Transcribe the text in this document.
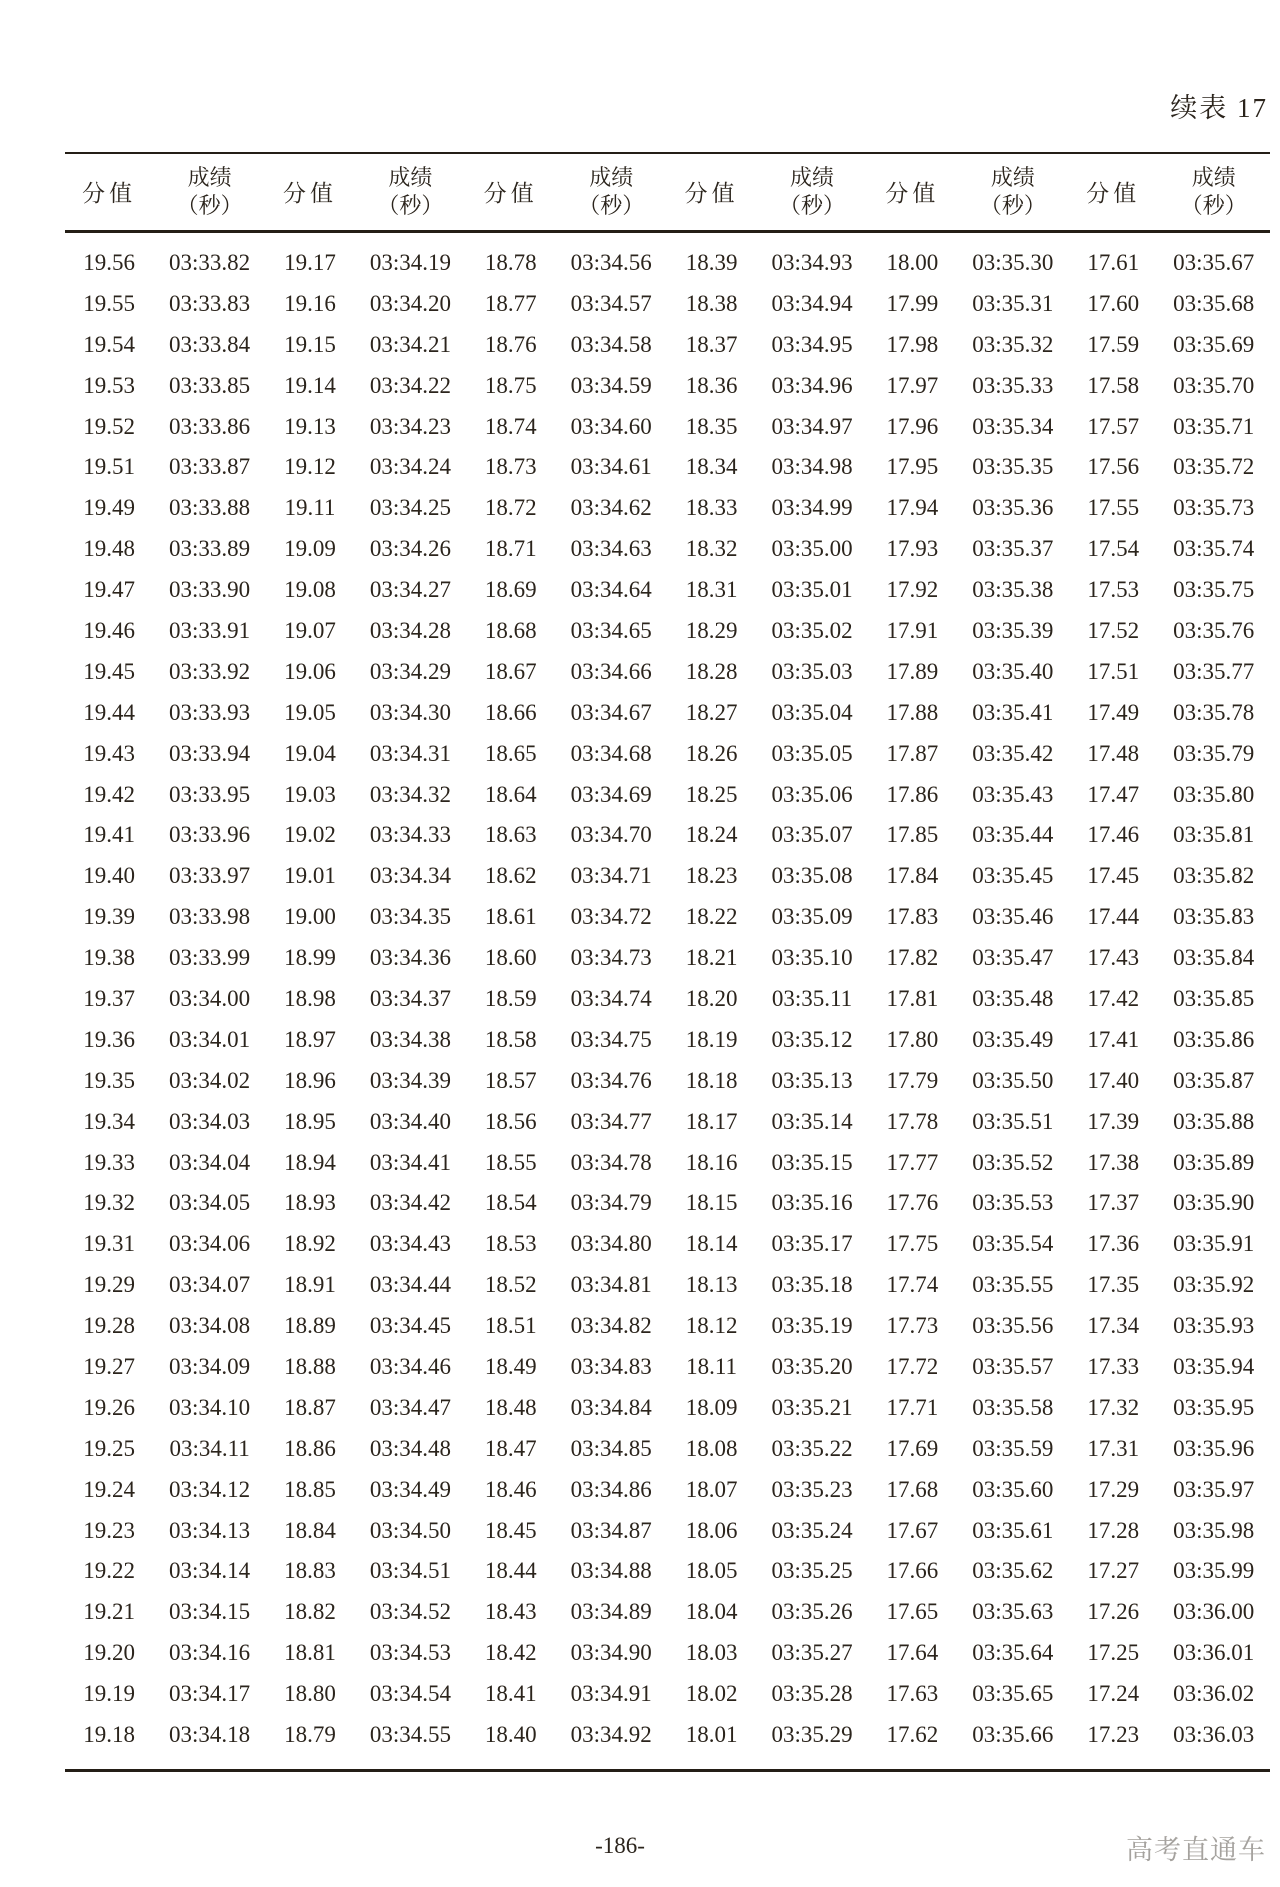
续表 17
分值	成绩
（秒）	分值	成绩
（秒）	分值	成绩
（秒）	分值	成绩
（秒）	分值	成绩
（秒）	分值	成绩
（秒）

19.56	03:33.82	19.17	03:34.19	18.78	03:34.56	18.39	03:34.93	18.00	03:35.30	17.61	03:35.67
19.55	03:33.83	19.16	03:34.20	18.77	03:34.57	18.38	03:34.94	17.99	03:35.31	17.60	03:35.68
19.54	03:33.84	19.15	03:34.21	18.76	03:34.58	18.37	03:34.95	17.98	03:35.32	17.59	03:35.69
19.53	03:33.85	19.14	03:34.22	18.75	03:34.59	18.36	03:34.96	17.97	03:35.33	17.58	03:35.70
19.52	03:33.86	19.13	03:34.23	18.74	03:34.60	18.35	03:34.97	17.96	03:35.34	17.57	03:35.71
19.51	03:33.87	19.12	03:34.24	18.73	03:34.61	18.34	03:34.98	17.95	03:35.35	17.56	03:35.72
19.49	03:33.88	19.11	03:34.25	18.72	03:34.62	18.33	03:34.99	17.94	03:35.36	17.55	03:35.73
19.48	03:33.89	19.09	03:34.26	18.71	03:34.63	18.32	03:35.00	17.93	03:35.37	17.54	03:35.74
19.47	03:33.90	19.08	03:34.27	18.69	03:34.64	18.31	03:35.01	17.92	03:35.38	17.53	03:35.75
19.46	03:33.91	19.07	03:34.28	18.68	03:34.65	18.29	03:35.02	17.91	03:35.39	17.52	03:35.76
19.45	03:33.92	19.06	03:34.29	18.67	03:34.66	18.28	03:35.03	17.89	03:35.40	17.51	03:35.77
19.44	03:33.93	19.05	03:34.30	18.66	03:34.67	18.27	03:35.04	17.88	03:35.41	17.49	03:35.78
19.43	03:33.94	19.04	03:34.31	18.65	03:34.68	18.26	03:35.05	17.87	03:35.42	17.48	03:35.79
19.42	03:33.95	19.03	03:34.32	18.64	03:34.69	18.25	03:35.06	17.86	03:35.43	17.47	03:35.80
19.41	03:33.96	19.02	03:34.33	18.63	03:34.70	18.24	03:35.07	17.85	03:35.44	17.46	03:35.81
19.40	03:33.97	19.01	03:34.34	18.62	03:34.71	18.23	03:35.08	17.84	03:35.45	17.45	03:35.82
19.39	03:33.98	19.00	03:34.35	18.61	03:34.72	18.22	03:35.09	17.83	03:35.46	17.44	03:35.83
19.38	03:33.99	18.99	03:34.36	18.60	03:34.73	18.21	03:35.10	17.82	03:35.47	17.43	03:35.84
19.37	03:34.00	18.98	03:34.37	18.59	03:34.74	18.20	03:35.11	17.81	03:35.48	17.42	03:35.85
19.36	03:34.01	18.97	03:34.38	18.58	03:34.75	18.19	03:35.12	17.80	03:35.49	17.41	03:35.86
19.35	03:34.02	18.96	03:34.39	18.57	03:34.76	18.18	03:35.13	17.79	03:35.50	17.40	03:35.87
19.34	03:34.03	18.95	03:34.40	18.56	03:34.77	18.17	03:35.14	17.78	03:35.51	17.39	03:35.88
19.33	03:34.04	18.94	03:34.41	18.55	03:34.78	18.16	03:35.15	17.77	03:35.52	17.38	03:35.89
19.32	03:34.05	18.93	03:34.42	18.54	03:34.79	18.15	03:35.16	17.76	03:35.53	17.37	03:35.90
19.31	03:34.06	18.92	03:34.43	18.53	03:34.80	18.14	03:35.17	17.75	03:35.54	17.36	03:35.91
19.29	03:34.07	18.91	03:34.44	18.52	03:34.81	18.13	03:35.18	17.74	03:35.55	17.35	03:35.92
19.28	03:34.08	18.89	03:34.45	18.51	03:34.82	18.12	03:35.19	17.73	03:35.56	17.34	03:35.93
19.27	03:34.09	18.88	03:34.46	18.49	03:34.83	18.11	03:35.20	17.72	03:35.57	17.33	03:35.94
19.26	03:34.10	18.87	03:34.47	18.48	03:34.84	18.09	03:35.21	17.71	03:35.58	17.32	03:35.95
19.25	03:34.11	18.86	03:34.48	18.47	03:34.85	18.08	03:35.22	17.69	03:35.59	17.31	03:35.96
19.24	03:34.12	18.85	03:34.49	18.46	03:34.86	18.07	03:35.23	17.68	03:35.60	17.29	03:35.97
19.23	03:34.13	18.84	03:34.50	18.45	03:34.87	18.06	03:35.24	17.67	03:35.61	17.28	03:35.98
19.22	03:34.14	18.83	03:34.51	18.44	03:34.88	18.05	03:35.25	17.66	03:35.62	17.27	03:35.99
19.21	03:34.15	18.82	03:34.52	18.43	03:34.89	18.04	03:35.26	17.65	03:35.63	17.26	03:36.00
19.20	03:34.16	18.81	03:34.53	18.42	03:34.90	18.03	03:35.27	17.64	03:35.64	17.25	03:36.01
19.19	03:34.17	18.80	03:34.54	18.41	03:34.91	18.02	03:35.28	17.63	03:35.65	17.24	03:36.02
19.18	03:34.18	18.79	03:34.55	18.40	03:34.92	18.01	03:35.29	17.62	03:35.66	17.23	03:36.03
-186-	高考直通车
